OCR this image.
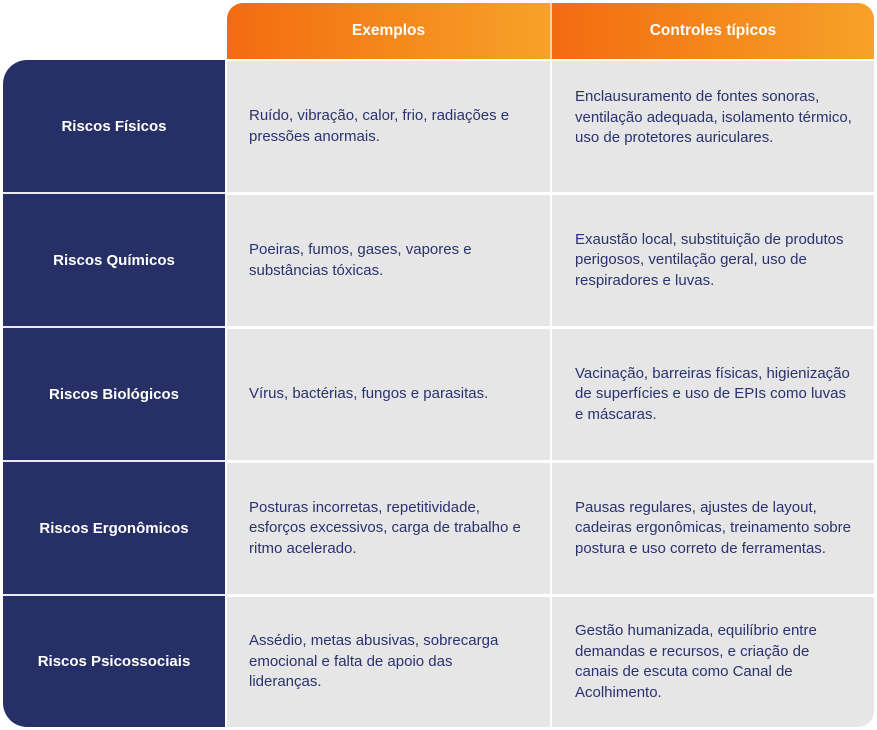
Exemplos	Controles típicos
Riscos Físicos
Riscos Químicos
Riscos Biológicos
Riscos Ergonômicos
Riscos Psicossociais

Ruído, vibração, calor, frio, radiações e pressões anormais.

Enclausuramento de fontes sonoras, ventilação adequada, isolamento térmico, uso de protetores auriculares.

Poeiras, fumos, gases, vapores e substâncias tóxicas.

Exaustão local, substituição de produtos perigosos, ventilação geral, uso de respiradores e luvas.

Vírus, bactérias, fungos e parasitas.

Vacinação, barreiras físicas, higienização de superfícies e uso de EPIs como luvas e máscaras.

Posturas incorretas, repetitividade, esforços excessivos, carga de trabalho e ritmo acelerado.

Pausas regulares, ajustes de layout, cadeiras ergonômicas, treinamento sobre postura e uso correto de ferramentas.

Assédio, metas abusivas, sobrecarga emocional e falta de apoio das lideranças.

Gestão humanizada, equilíbrio entre demandas e recursos, e criação de canais de escuta como Canal de Acolhimento.
